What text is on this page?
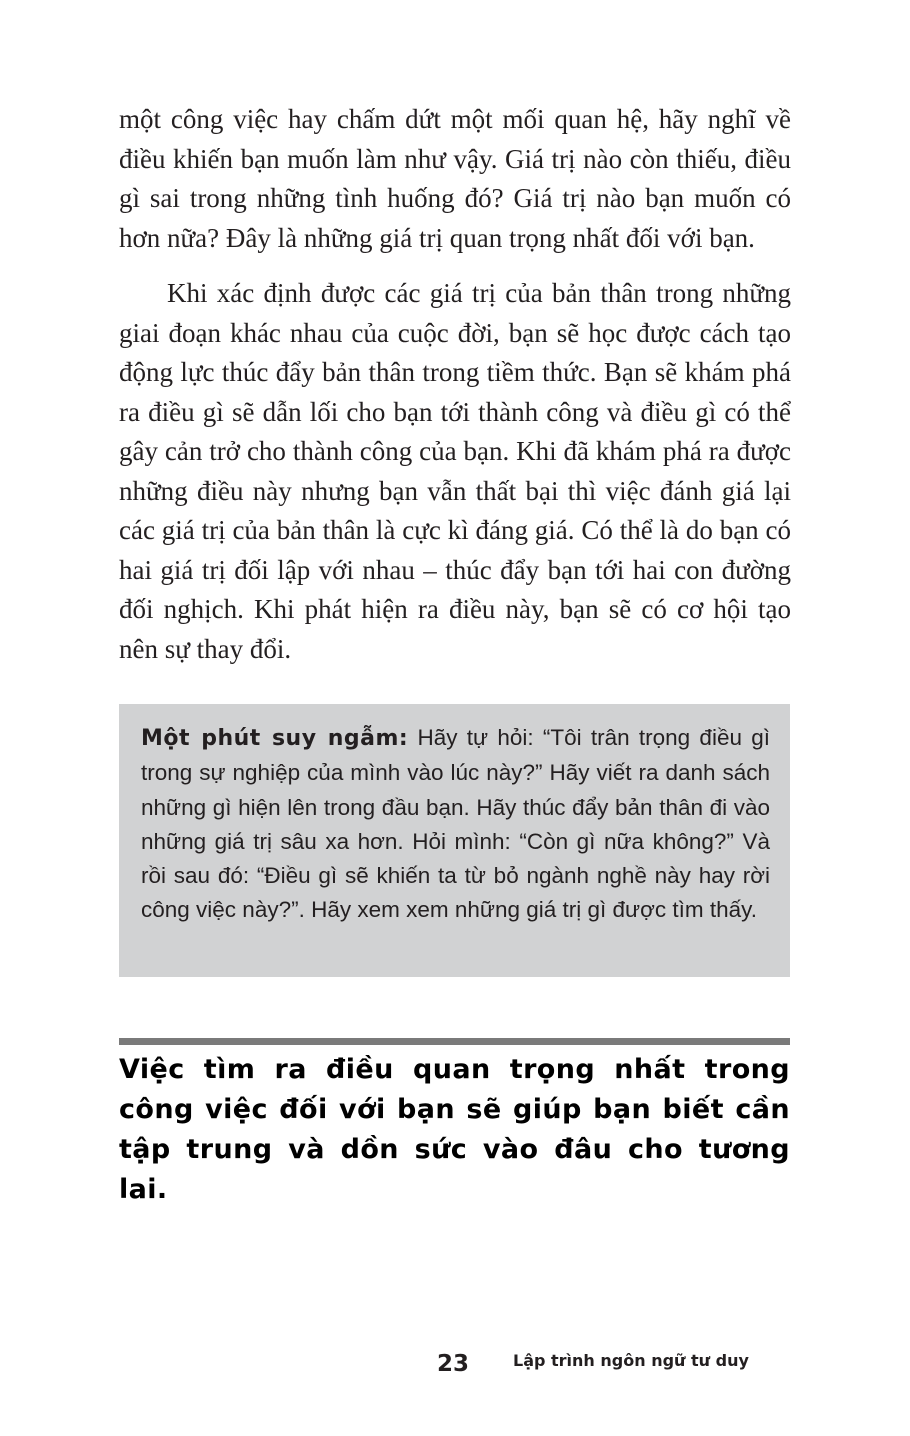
một công việc hay chấm dứt một mối quan hệ, hãy nghĩ về điều khiến bạn muốn làm như vậy. Giá trị nào còn thiếu, điều gì sai trong những tình huống đó? Giá trị nào bạn muốn có hơn nữa? Đây là những giá trị quan trọng nhất đối với bạn.

Khi xác định được các giá trị của bản thân trong những giai đoạn khác nhau của cuộc đời, bạn sẽ học được cách tạo động lực thúc đẩy bản thân trong tiềm thức. Bạn sẽ khám phá ra điều gì sẽ dẫn lối cho bạn tới thành công và điều gì có thể gây cản trở cho thành công của bạn. Khi đã khám phá ra được những điều này nhưng bạn vẫn thất bại thì việc đánh giá lại các giá trị của bản thân là cực kì đáng giá. Có thể là do bạn có hai giá trị đối lập với nhau – thúc đẩy bạn tới hai con đường đối nghịch. Khi phát hiện ra điều này, bạn sẽ có cơ hội tạo nên sự thay đổi.

Một phút suy ngẫm: Hãy tự hỏi: “Tôi trân trọng điều gì trong sự nghiệp của mình vào lúc này?” Hãy viết ra danh sách những gì hiện lên trong đầu bạn. Hãy thúc đẩy bản thân đi vào những giá trị sâu xa hơn. Hỏi mình: “Còn gì nữa không?” Và rồi sau đó: “Điều gì sẽ khiến ta từ bỏ ngành nghề này hay rời công việc này?”. Hãy xem xem những giá trị gì được tìm thấy.

Việc tìm ra điều quan trọng nhất trong công việc đối với bạn sẽ giúp bạn biết cần tập trung và dồn sức vào đâu cho tương lai.

23	Lập trình ngôn ngữ tư duy
